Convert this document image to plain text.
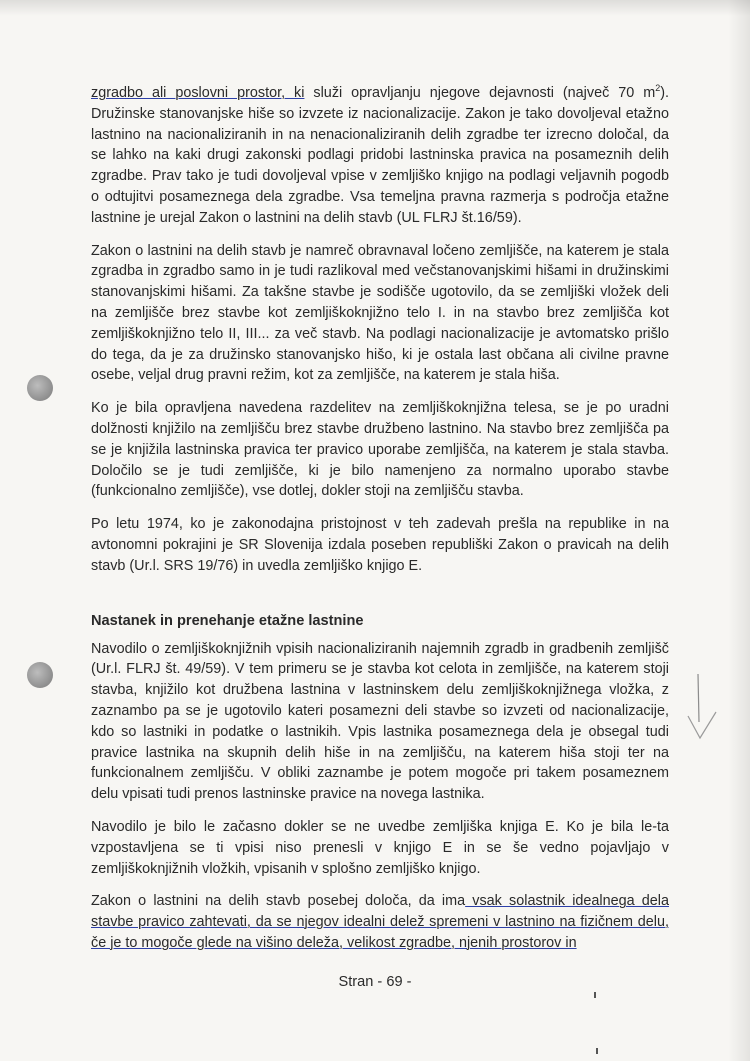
zgradbo ali poslovni prostor, ki služi opravljanju njegove dejavnosti (največ 70 $m^2$). Družinske stanovanjske hiše so izvzete iz nacionalizacije. Zakon je tako dovoljeval etažno lastnino na nacionaliziranih in na nenacionaliziranih delih zgradbe ter izrecno določal, da se lahko na kaki drugi zakonski podlagi pridobi lastninska pravica na posameznih delih zgradbe. Prav tako je tudi dovoljeval vpise v zemljiško knjigo na podlagi veljavnih pogodb o odtujitvi posameznega dela zgradbe. Vsa temeljna pravna razmerja s področja etažne lastnine je urejal Zakon o lastnini na delih stavb (UL FLRJ št.16/59).

Zakon o lastnini na delih stavb je namreč obravnaval ločeno zemljišče, na katerem je stala zgradba in zgradbo samo in je tudi razlikoval med večstanovanjskimi hišami in družinskimi stanovanjskimi hišami. Za takšne stavbe je sodišče ugotovilo, da se zemljiški vložek deli na zemljišče brez stavbe kot zemljiškoknjižno telo I. in na stavbo brez zemljišča kot zemljiškoknjižno telo II, III... za več stavb. Na podlagi nacionalizacije je avtomatsko prišlo do tega, da je za družinsko stanovanjsko hišo, ki je ostala last občana ali civilne pravne osebe, veljal drug pravni režim, kot za zemljišče, na katerem je stala hiša.

Ko je bila opravljena navedena razdelitev na zemljiškoknjižna telesa, se je po uradni dolžnosti knjižilo na zemljišču brez stavbe družbeno lastnino. Na stavbo brez zemljišča pa se je knjižila lastninska pravica ter pravico uporabe zemljišča, na katerem je stala stavba. Določilo se je tudi zemljišče, ki je bilo namenjeno za normalno uporabo stavbe (funkcionalno zemljišče), vse dotlej, dokler stoji na zemljišču stavba.

Po letu 1974, ko je zakonodajna pristojnost v teh zadevah prešla na republike in na avtonomni pokrajini je SR Slovenija izdala poseben republiški Zakon o pravicah na delih stavb (Ur.l. SRS 19/76) in uvedla zemljiško knjigo E.

Nastanek in prenehanje etažne lastnine

Navodilo o zemljiškoknjižnih vpisih nacionaliziranih najemnih zgradb in gradbenih zemljišč (Ur.l. FLRJ št. 49/59). V tem primeru se je stavba kot celota in zemljišče, na katerem stoji stavba, knjižilo kot družbena lastnina v lastninskem delu zemljiškoknjižnega vložka, z zaznambo pa se je ugotovilo kateri posamezni deli stavbe so izvzeti od nacionalizacije, kdo so lastniki in podatke o lastnikih. Vpis lastnika posameznega dela je obsegal tudi pravice lastnika na skupnih delih hiše in na zemljišču, na katerem hiša stoji ter na funkcionalnem zemljišču. V obliki zaznambe je potem mogoče pri takem posameznem delu vpisati tudi prenos lastninske pravice na novega lastnika.

Navodilo je bilo le začasno dokler se ne uvedbe zemljiška knjiga E. Ko je bila le-ta vzpostavljena se ti vpisi niso prenesli v knjigo E in se še vedno pojavljajo v zemljiškoknjižnih vložkih, vpisanih v splošno zemljiško knjigo.

Zakon o lastnini na delih stavb posebej določa, da ima vsak solastnik idealnega dela stavbe pravico zahtevati, da se njegov idealni delež spremeni v lastnino na fizičnem delu, če je to mogoče glede na višino deleža, velikost zgradbe, njenih prostorov in

Stran - 69 -
